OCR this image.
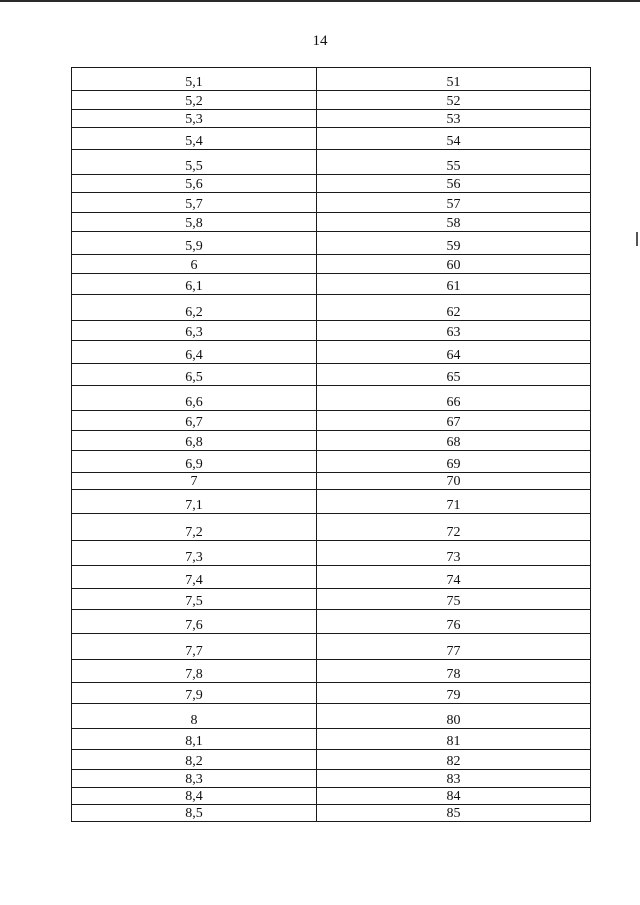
14
5,1	51
5,2	52
5,3	53
5,4	54
5,5	55
5,6	56
5,7	57
5,8	58
5,9	59
6	60
6,1	61
6,2	62
6,3	63
6,4	64
6,5	65
6,6	66
6,7	67
6,8	68
6,9	69
7	70
7,1	71
7,2	72
7,3	73
7,4	74
7,5	75
7,6	76
7,7	77
7,8	78
7,9	79
8	80
8,1	81
8,2	82
8,3	83
8,4	84
8,5	85
